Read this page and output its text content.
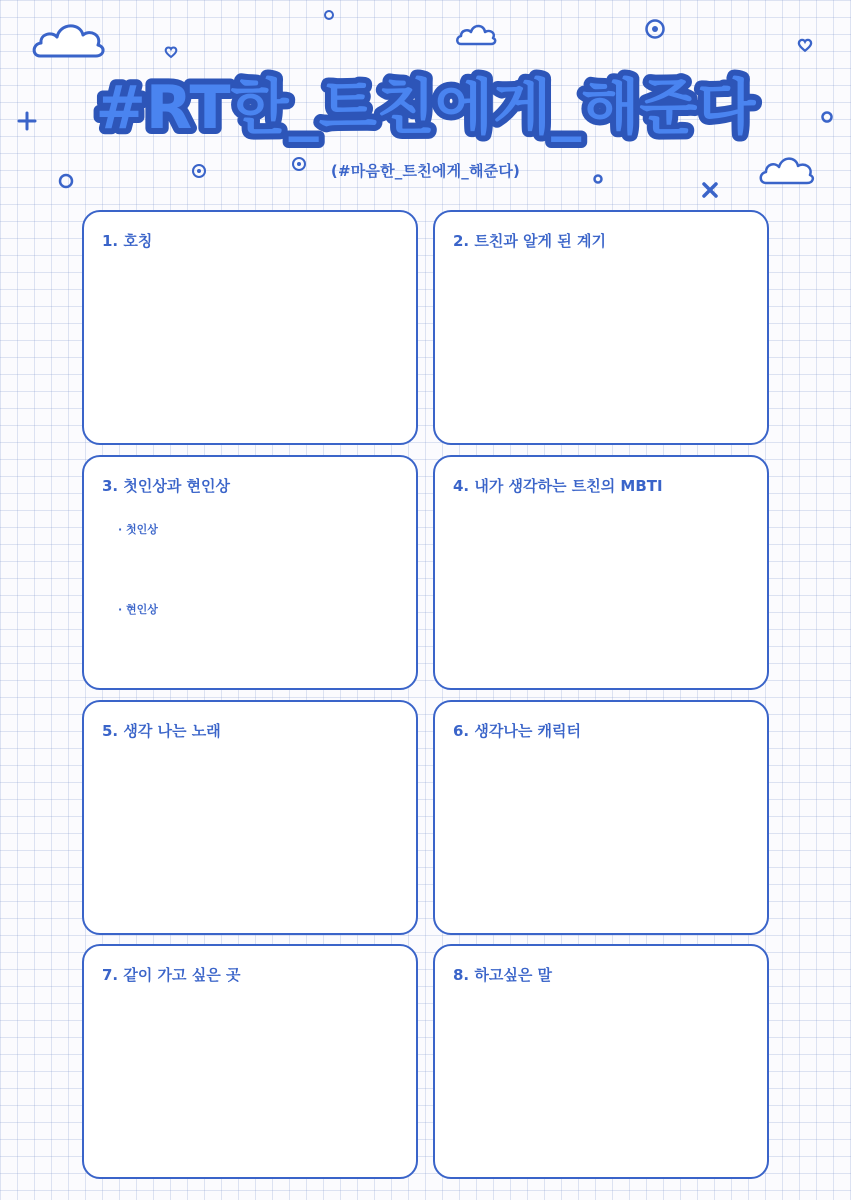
#RT한_트친에게_해준다
(#마음한_트친에게_해준다)
1. 호칭	2. 트친과 알게 된 계기
3. 첫인상과 현인상
· 첫인상
· 현인상
4. 내가 생각하는 트친의 MBTI
5. 생각 나는 노래	6. 생각나는 캐릭터
7. 같이 가고 싶은 곳	8. 하고싶은 말
